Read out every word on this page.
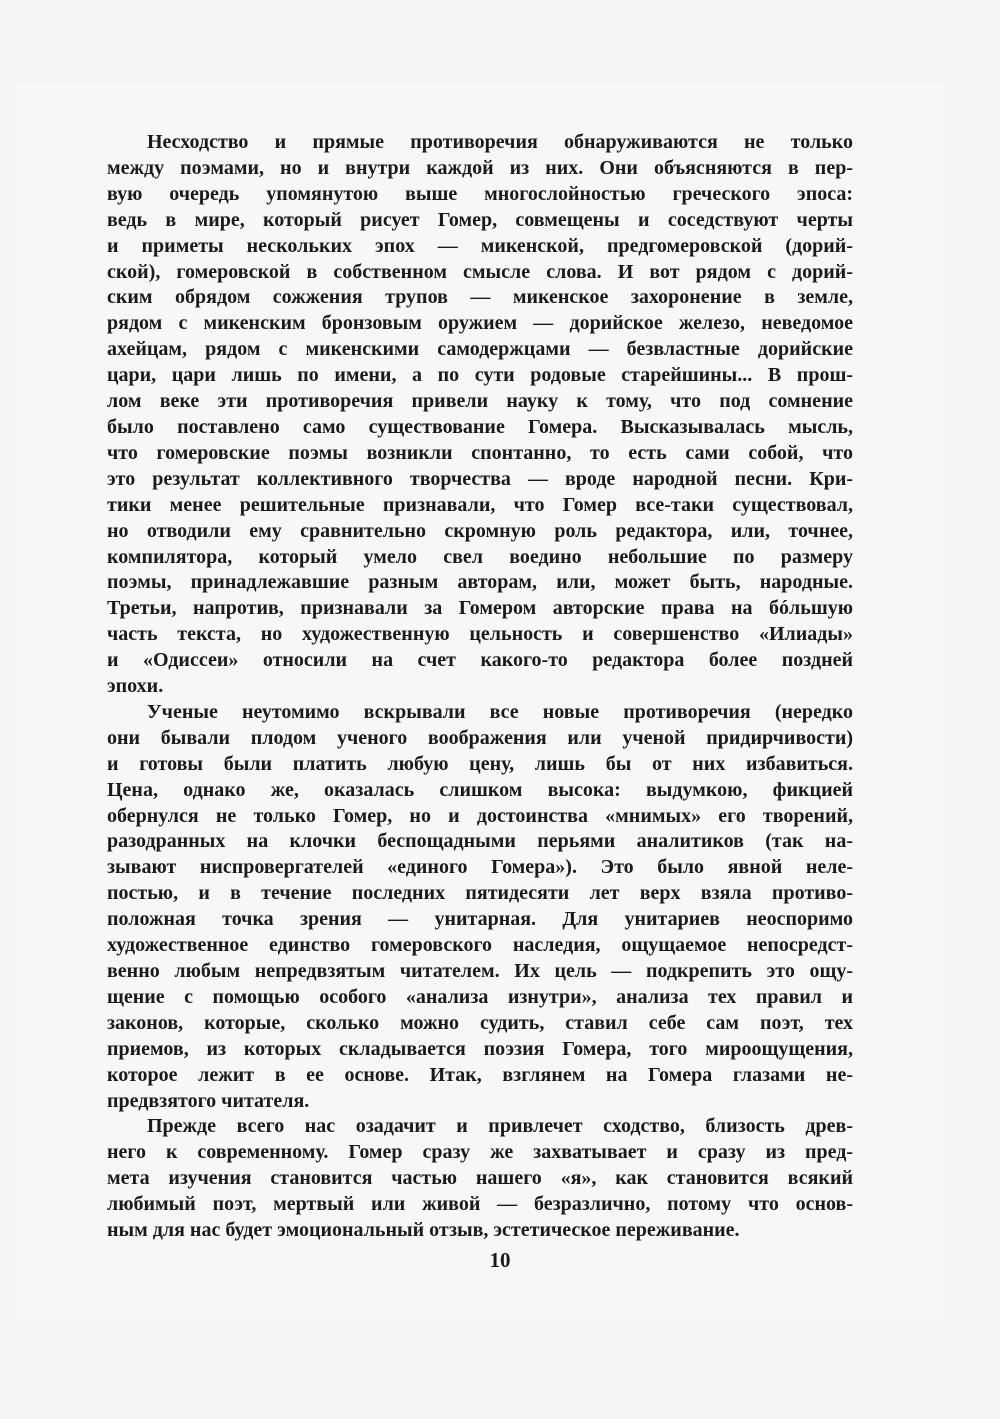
Несходство и прямые противоречия обнаруживаются не только
между поэмами, но и внутри каждой из них. Они объясняются в пер-
вую очередь упомянутою выше многослойностью греческого эпоса:
ведь в мире, который рисует Гомер, совмещены и соседствуют черты
и приметы нескольких эпох — микенской, предгомеровской (дорий-
ской), гомеровской в собственном смысле слова. И вот рядом с дорий-
ским обрядом сожжения трупов — микенское захоронение в земле,
рядом с микенским бронзовым оружием — дорийское железо, неведомое
ахейцам, рядом с микенскими самодержцами — безвластные дорийские
цари, цари лишь по имени, а по сути родовые старейшины... В прош-
лом веке эти противоречия привели науку к тому, что под сомнение
было поставлено само существование Гомера. Высказывалась мысль,
что гомеровские поэмы возникли спонтанно, то есть сами собой, что
это результат коллективного творчества — вроде народной песни. Кри-
тики менее решительные признавали, что Гомер все-таки существовал,
но отводили ему сравнительно скромную роль редактора, или, точнее,
компилятора, который умело свел воедино небольшие по размеру
поэмы, принадлежавшие разным авторам, или, может быть, народные.
Третьи, напротив, признавали за Гомером авторские права на бóльшую
часть текста, но художественную цельность и совершенство «Илиады»
и «Одиссеи» относили на счет какого-то редактора более поздней
эпохи.

Ученые неутомимо вскрывали все новые противоречия (нередко
они бывали плодом ученого воображения или ученой придирчивости)
и готовы были платить любую цену, лишь бы от них избавиться.
Цена, однако же, оказалась слишком высока: выдумкою, фикцией
обернулся не только Гомер, но и достоинства «мнимых» его творений,
разодранных на клочки беспощадными перьями аналитиков (так на-
зывают ниспровергателей «единого Гомера»). Это было явной неле-
постью, и в течение последних пятидесяти лет верх взяла противо-
положная точка зрения — унитарная. Для унитариев неоспоримо
художественное единство гомеровского наследия, ощущаемое непосредст-
венно любым непредвзятым читателем. Их цель — подкрепить это ощу-
щение с помощью особого «анализа изнутри», анализа тех правил и
законов, которые, сколько можно судить, ставил себе сам поэт, тех
приемов, из которых складывается поэзия Гомера, того мироощущения,
которое лежит в ее основе. Итак, взглянем на Гомера глазами не-
предвзятого читателя.

Прежде всего нас озадачит и привлечет сходство, близость древ-
него к современному. Гомер сразу же захватывает и сразу из пред-
мета изучения становится частью нашего «я», как становится всякий
любимый поэт, мертвый или живой — безразлично, потому что основ-
ным для нас будет эмоциональный отзыв, эстетическое переживание.

10
